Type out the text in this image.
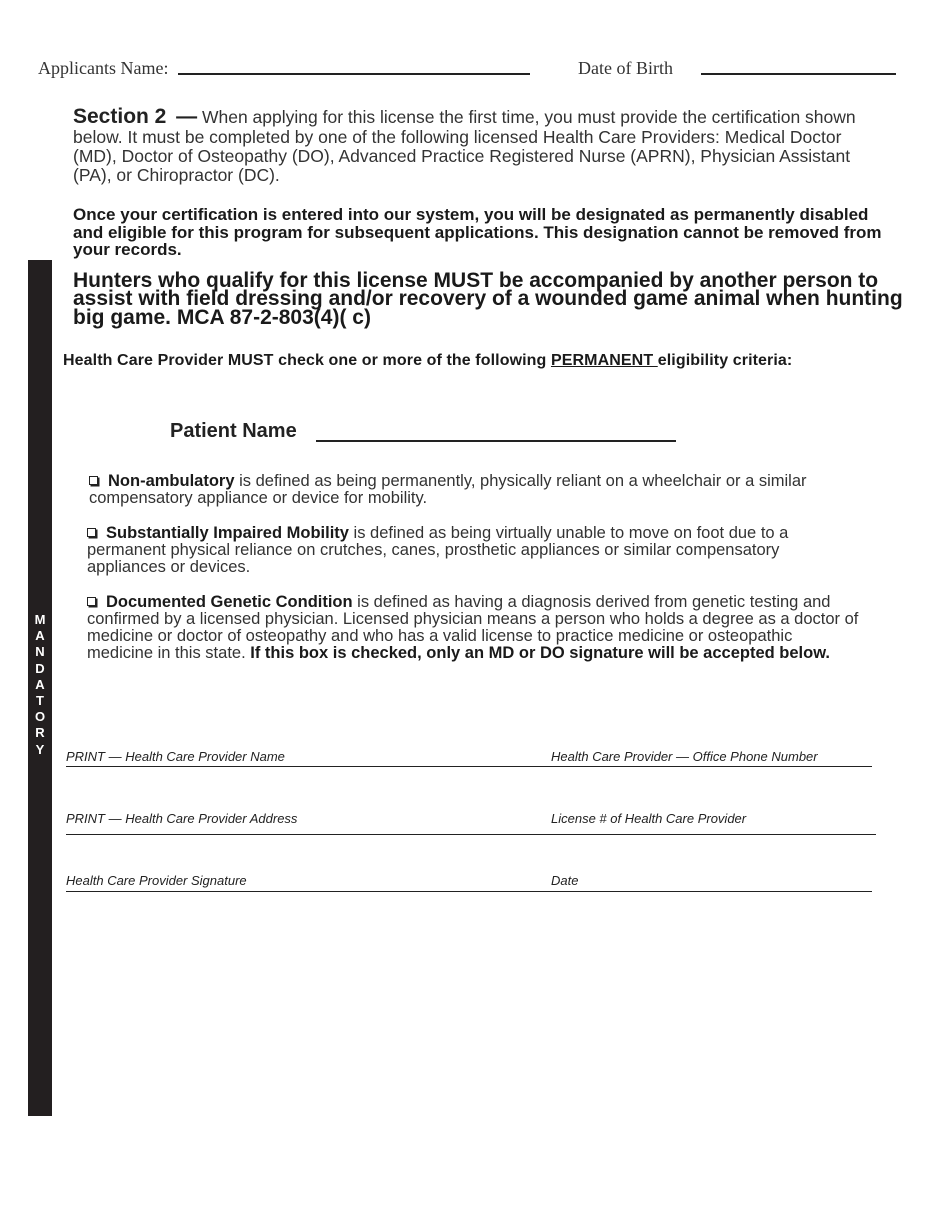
Applicants Name:	Date of Birth

Section 2 — When applying for this license the first time, you must provide the certification shown below. It must be completed by one of the following licensed Health Care Providers: Medical Doctor (MD), Doctor of Osteopathy (DO), Advanced Practice Registered Nurse (APRN), Physician Assistant (PA), or Chiropractor (DC).

Once your certification is entered into our system, you will be designated as permanently disabled and eligible for this program for subsequent applications. This designation cannot be removed from your records.
Hunters who qualify for this license MUST be accompanied by another person to assist with field dressing and/or recovery of a wounded game animal when hunting big game. MCA 87-2-803(4)( c)
M
A
N
D
A
T
O
R
Y
Health Care Provider MUST check one or more of the following PERMANENT eligibility criteria:
Patient Name
Non-ambulatory is defined as being permanently, physically reliant on a wheelchair or a similar compensatory appliance or device for mobility.
Substantially Impaired Mobility is defined as being virtually unable to move on foot due to a permanent physical reliance on crutches, canes, prosthetic appliances or similar compensatory appliances or devices.
Documented Genetic Condition is defined as having a diagnosis derived from genetic testing and confirmed by a licensed physician. Licensed physician means a person who holds a degree as a doctor of medicine or doctor of osteopathy and who has a valid license to practice medicine or osteopathic medicine in this state. If this box is checked, only an MD or DO signature will be accepted below.
PRINT — Health Care Provider Name	Health Care Provider — Office Phone Number
PRINT — Health Care Provider Address	License # of Health Care Provider
Health Care Provider Signature	Date
